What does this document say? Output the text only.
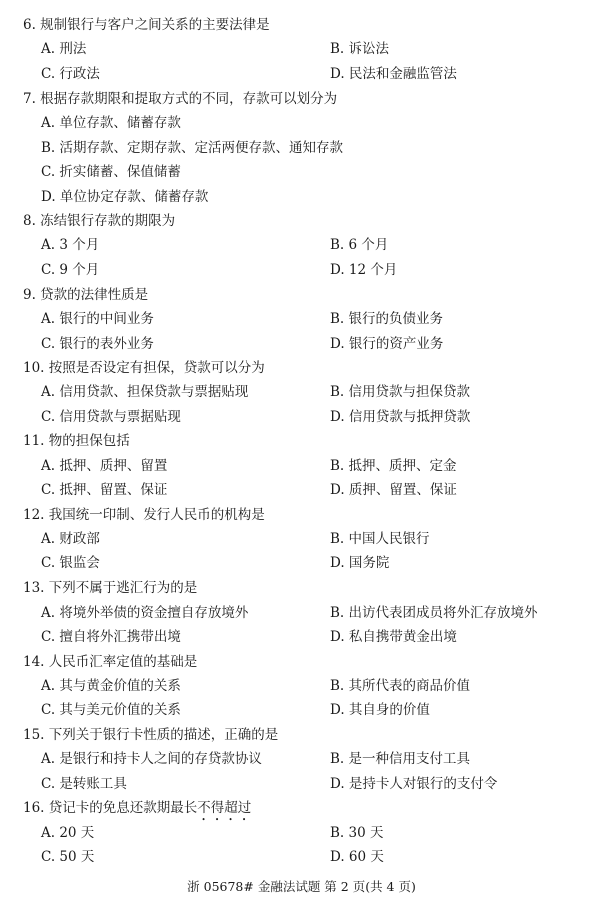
6. 规制银行与客户之间关系的主要法律是
A. 刑法	B. 诉讼法
C. 行政法	D. 民法和金融监管法
7. 根据存款期限和提取方式的不同，存款可以划分为
A. 单位存款、储蓄存款
B. 活期存款、定期存款、定活两便存款、通知存款
C. 折实储蓄、保值储蓄
D. 单位协定存款、储蓄存款
8. 冻结银行存款的期限为
A. 3 个月	B. 6 个月
C. 9 个月	D. 12 个月
9. 贷款的法律性质是
A. 银行的中间业务	B. 银行的负债业务
C. 银行的表外业务	D. 银行的资产业务
10. 按照是否设定有担保，贷款可以分为
A. 信用贷款、担保贷款与票据贴现	B. 信用贷款与担保贷款
C. 信用贷款与票据贴现	D. 信用贷款与抵押贷款
11. 物的担保包括
A. 抵押、质押、留置	B. 抵押、质押、定金
C. 抵押、留置、保证	D. 质押、留置、保证
12. 我国统一印制、发行人民币的机构是
A. 财政部	B. 中国人民银行
C. 银监会	D. 国务院
13. 下列不属于逃汇行为的是
A. 将境外举债的资金擅自存放境外	B. 出访代表团成员将外汇存放境外
C. 擅自将外汇携带出境	D. 私自携带黄金出境
14. 人民币汇率定值的基础是
A. 其与黄金价值的关系	B. 其所代表的商品价值
C. 其与美元价值的关系	D. 其自身的价值
15. 下列关于银行卡性质的描述，正确的是
A. 是银行和持卡人之间的存贷款协议	B. 是一种信用支付工具
C. 是转账工具	D. 是持卡人对银行的支付令
16. 贷记卡的免息还款期最长不得超过
A. 20 天	B. 30 天
C. 50 天	D. 60 天
浙 05678# 金融法试题 第 2 页(共 4 页)
